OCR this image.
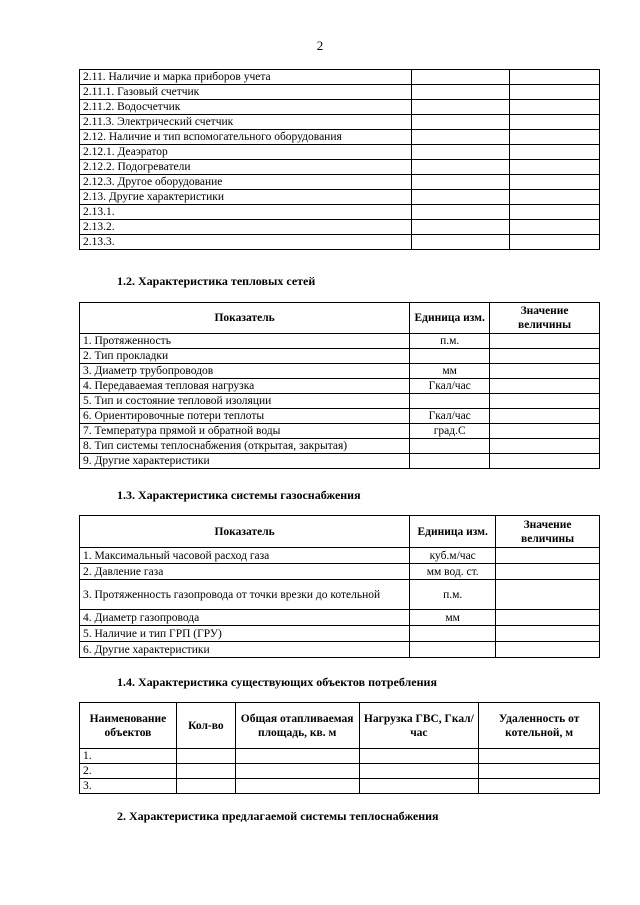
2
2.11. Наличие и марка приборов учета		
2.11.1. Газовый счетчик		
2.11.2. Водосчетчик		
2.11.3. Электрический счетчик		
2.12. Наличие и тип вспомогательного оборудования		
2.12.1. Деаэратор		
2.12.2. Подогреватели		
2.12.3. Другое оборудование		
2.13. Другие характеристики		
2.13.1.		
2.13.2.		
2.13.3.		
1.2. Характеристика тепловых сетей
Показатель	Единица изм.	Значение величины
1. Протяженность	п.м.	
2. Тип прокладки		
3. Диаметр трубопроводов	мм	
4. Передаваемая тепловая нагрузка	Гкал/час	
5. Тип и состояние тепловой изоляции		
6. Ориентировочные потери теплоты	Гкал/час	
7. Температура прямой и обратной воды	град.С	
8. Тип системы теплоснабжения (открытая, закрытая)		
9. Другие характеристики		
1.3. Характеристика системы газоснабжения
Показатель	Единица изм.	Значение величины
1. Максимальный часовой расход газа	куб.м/час	
2. Давление газа	мм вод. ст.	
3. Протяженность газопровода от точки врезки до котельной	п.м.	
4. Диаметр газопровода	мм	
5. Наличие и тип ГРП (ГРУ)		
6. Другие характеристики		
1.4. Характеристика существующих объектов потребления
Наименование объектов	Кол-во	Общая отапливаемая площадь, кв. м	Нагрузка ГВС, Гкал/час	Удаленность от котельной, м
1.				
2.				
3.				
2. Характеристика предлагаемой системы теплоснабжения
